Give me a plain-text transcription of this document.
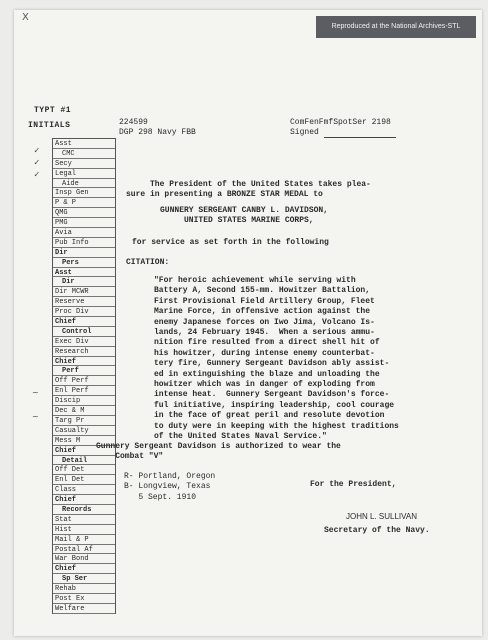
Reproduced at the National Archives-STL
X
TYPT #1
INITIALS	224599
DGP 298 Navy FBB
ComFenFmfSpotSer 2198
Signed
Asst
CMC
Secy
Legal
Aide
Insp Gen
P & P
QMG
PMG
Avia
Pub Info
Dir
Pers
Asst
Dir
Dir MCWR
Reserve
Proc Div
Chief
Control
Exec Div
Research
Chief
Perf
Off Perf
Enl Perf
Discip
Dec & M
Targ Pr
Casualty
Mess M
Chief
Detail
Off Det
Enl Det
Class
Chief
Records
Stat
Hist
Mail & P
Postal Af
War Bond
Chief
Sp Ser
Rehab
Post Ex
Welfare
✓
✓
✓
~
~
The President of the United States takes plea-
sure in presenting a BRONZE STAR MEDAL to
GUNNERY SERGEANT CANBY L. DAVIDSON,
UNITED STATES MARINE CORPS,
for service as set forth in the following
CITATION:
"For heroic achievement while serving with
Battery A, Second 155-mm. Howitzer Battalion,
First Provisional Field Artillery Group, Fleet
Marine Force, in offensive action against the
enemy Japanese forces on Iwo Jima, Volcano Is-
lands, 24 February 1945.  When a serious ammu-
nition fire resulted from a direct shell hit of
his howitzer, during intense enemy counterbat-
tery fire, Gunnery Sergeant Davidson ably assist-
ed in extinguishing the blaze and unloading the
howitzer which was in danger of exploding from
intense heat.  Gunnery Sergeant Davidson's force-
ful initiative, inspiring leadership, cool courage
in the face of great peril and resolute devotion
to duty were in keeping with the highest traditions
of the United States Naval Service."
Gunnery Sergeant Davidson is authorized to wear the
Combat "V"
R- Portland, Oregon
B- Longview, Texas
5 Sept. 1910
For the President,
JOHN L. SULLIVAN
Secretary of the Navy.
